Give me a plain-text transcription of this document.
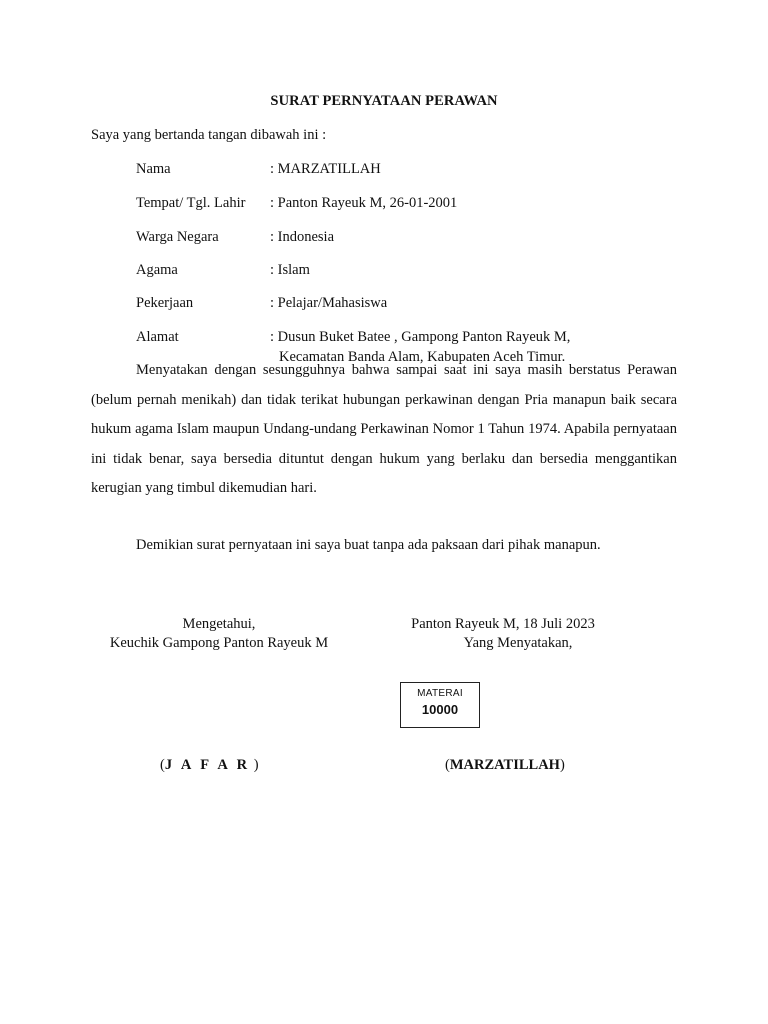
SURAT PERNYATAAN PERAWAN
Saya yang bertanda tangan dibawah ini :
Nama	: MARZATILLAH
Tempat/ Tgl. Lahir : Panton Rayeuk M, 26-01-2001
Warga Negara	: Indonesia
Agama	: Islam
Pekerjaan	: Pelajar/Mahasiswa
Alamat	: Dusun Buket Batee , Gampong Panton Rayeuk M,
Kecamatan Banda Alam, Kabupaten Aceh Timur.

Menyatakan dengan sesungguhnya bahwa sampai saat ini saya masih berstatus Perawan (belum pernah menikah) dan tidak terikat hubungan perkawinan dengan Pria manapun baik secara hukum agama Islam maupun Undang-undang Perkawinan Nomor 1 Tahun 1974. Apabila pernyataan ini tidak benar, saya bersedia dituntut dengan hukum yang berlaku dan bersedia menggantikan kerugian yang timbul dikemudian hari.

Demikian surat pernyataan ini saya buat tanpa ada paksaan dari pihak manapun.
Mengetahui,
Keuchik Gampong Panton Rayeuk M
Panton Rayeuk M, 18 Juli 2023
Yang Menyatakan,
MATERAI
10000
(J A F A R )	(MARZATILLAH)
